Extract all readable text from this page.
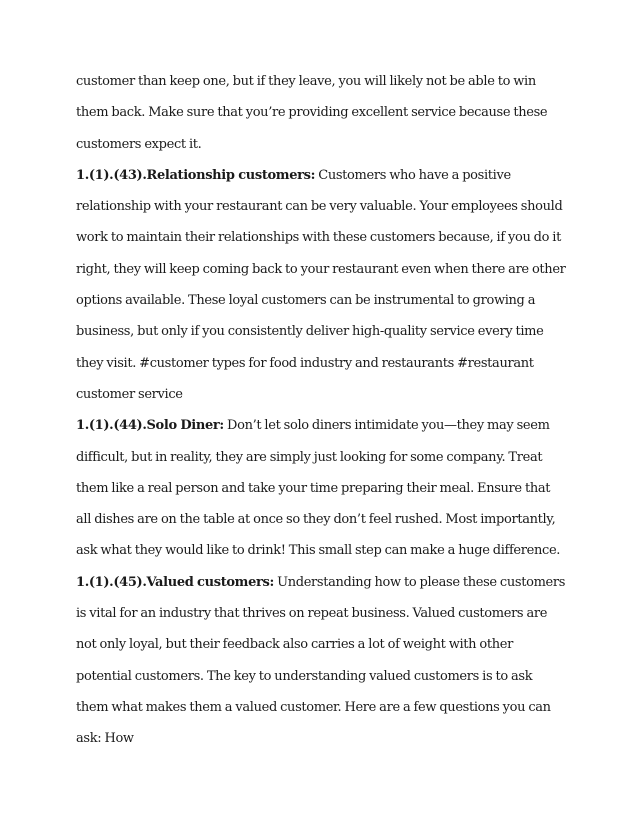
customer than keep one, but if they leave, you will likely not be able to win them back. Make sure that you’re providing excellent service because these customers expect it.

1.(1).(43).Relationship customers: Customers who have a positive relationship with your restaurant can be very valuable. Your employees should work to maintain their relationships with these customers because, if you do it right, they will keep coming back to your restaurant even when there are other options available. These loyal customers can be instrumental to growing a business, but only if you consistently deliver high-quality service every time they visit. #customer types for food industry and restaurants #restaurant customer service

1.(1).(44).Solo Diner: Don’t let solo diners intimidate you—they may seem difficult, but in reality, they are simply just looking for some company. Treat them like a real person and take your time preparing their meal. Ensure that all dishes are on the table at once so they don’t feel rushed. Most importantly, ask what they would like to drink! This small step can make a huge difference.

1.(1).(45).Valued customers: Understanding how to please these customers is vital for an industry that thrives on repeat business. Valued customers are not only loyal, but their feedback also carries a lot of weight with other potential customers. The key to understanding valued customers is to ask them what makes them a valued customer. Here are a few questions you can ask: How
